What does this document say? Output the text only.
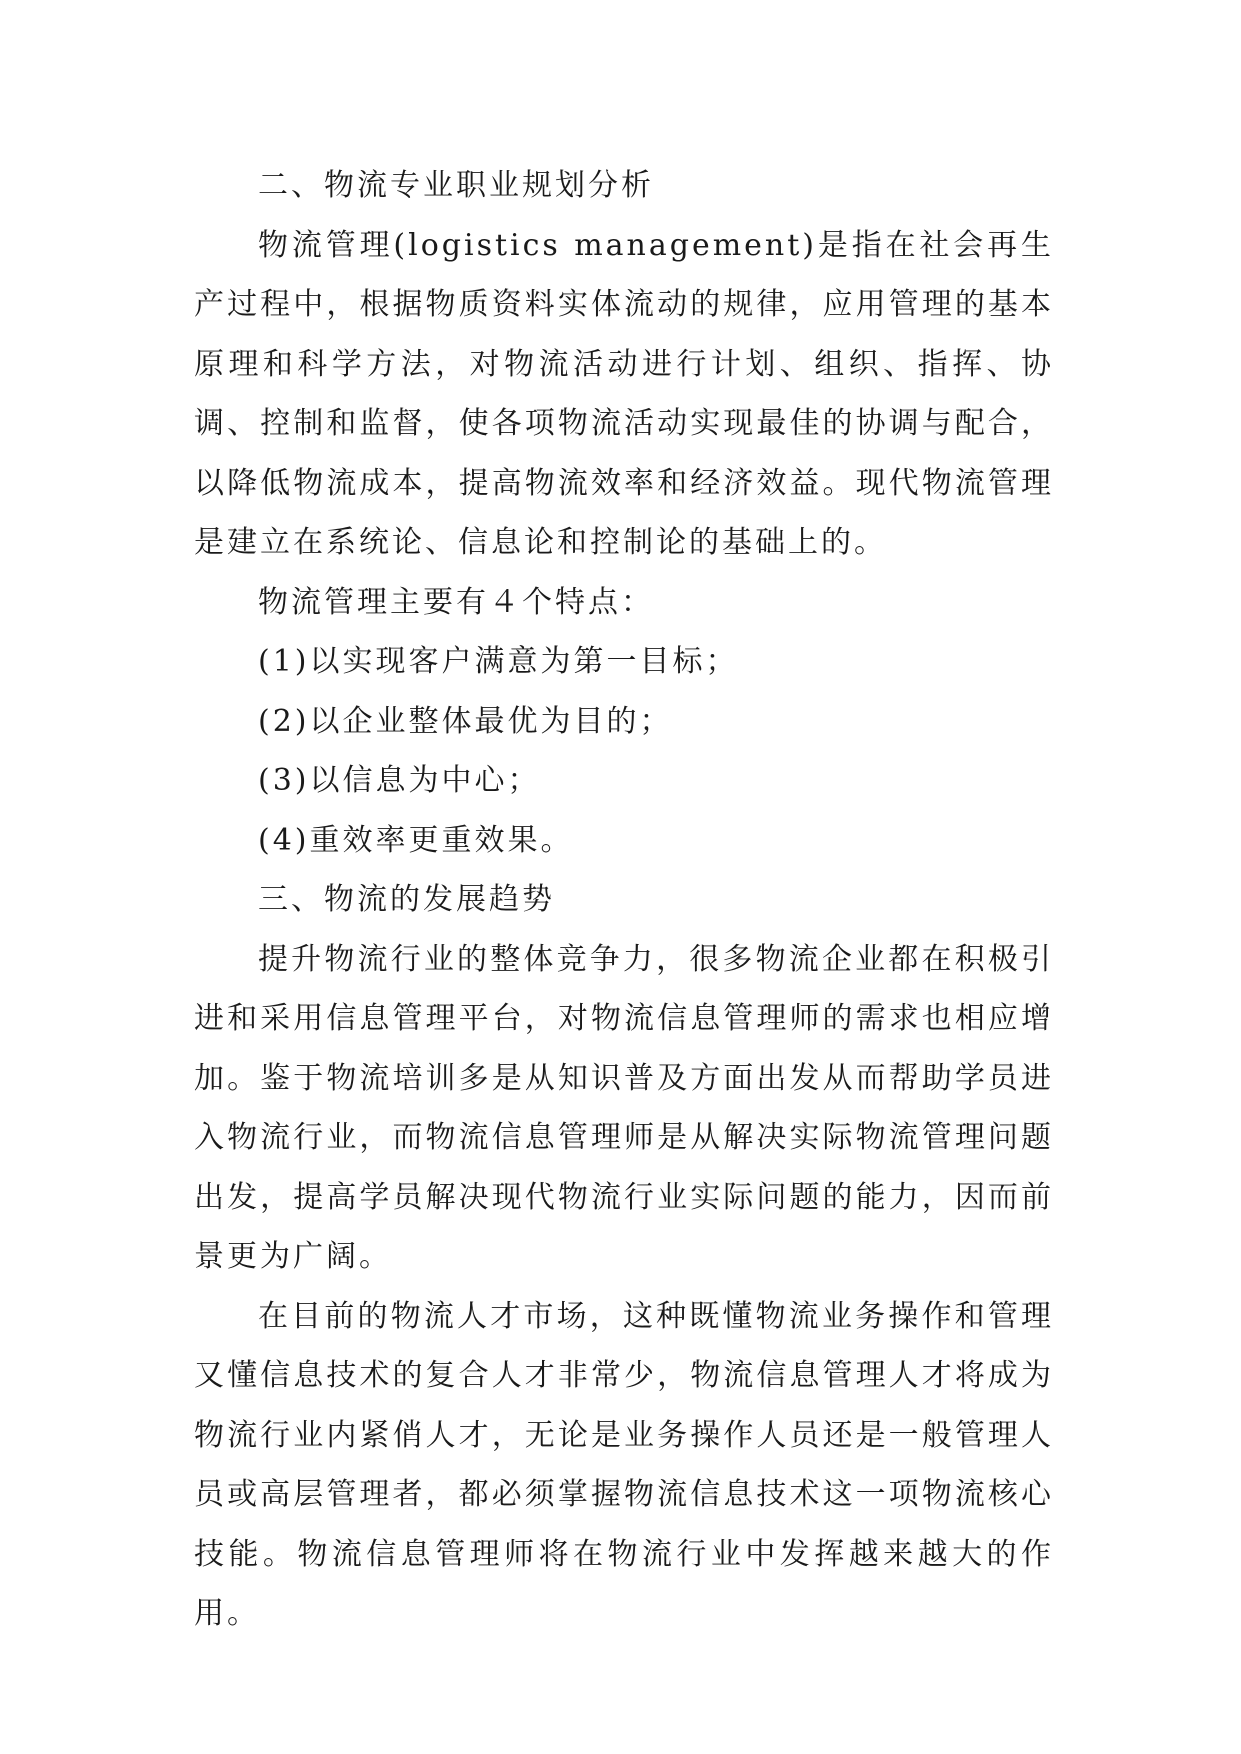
二、物流专业职业规划分析

物流管理(logistics management)是指在社会再生产过程中，根据物质资料实体流动的规律，应用管理的基本原理和科学方法，对物流活动进行计划、组织、指挥、协调、控制和监督，使各项物流活动实现最佳的协调与配合，以降低物流成本，提高物流效率和经济效益。现代物流管理是建立在系统论、信息论和控制论的基础上的。

物流管理主要有４个特点：

(1)以实现客户满意为第一目标；

(2)以企业整体最优为目的；

(3)以信息为中心；

(4)重效率更重效果。

三、物流的发展趋势

提升物流行业的整体竞争力，很多物流企业都在积极引进和采用信息管理平台，对物流信息管理师的需求也相应增加。鉴于物流培训多是从知识普及方面出发从而帮助学员进入物流行业，而物流信息管理师是从解决实际物流管理问题出发，提高学员解决现代物流行业实际问题的能力，因而前景更为广阔。

在目前的物流人才市场，这种既懂物流业务操作和管理又懂信息技术的复合人才非常少，物流信息管理人才将成为物流行业内紧俏人才，无论是业务操作人员还是一般管理人员或高层管理者，都必须掌握物流信息技术这一项物流核心技能。物流信息管理师将在物流行业中发挥越来越大的作用。
